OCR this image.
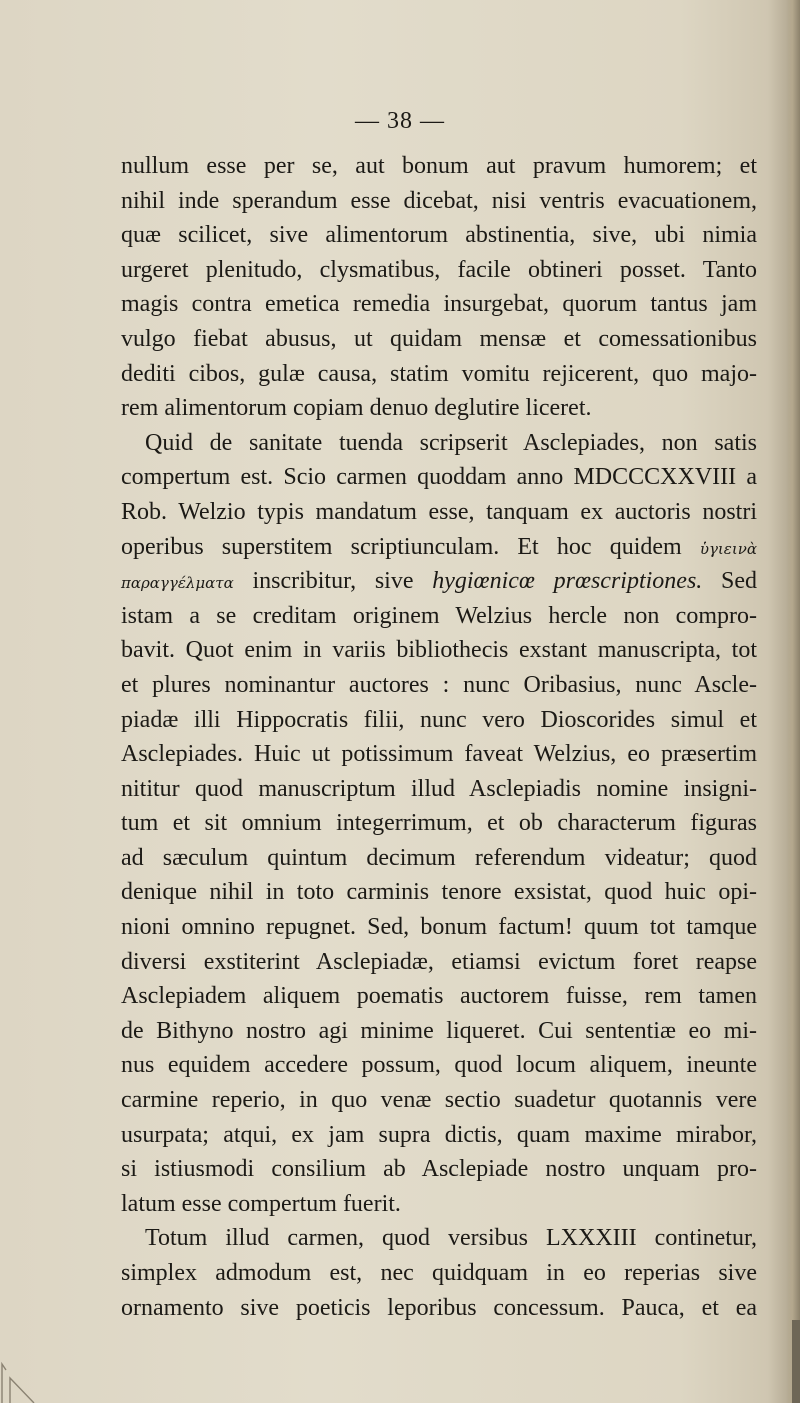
— 38 —
nullum esse per se, aut bonum aut pravum humorem; et
nihil inde sperandum esse dicebat, nisi ventris evacuationem,
quæ scilicet, sive alimentorum abstinentia, sive, ubi nimia
urgeret plenitudo, clysmatibus, facile obtineri posset. Tanto
magis contra emetica remedia insurgebat, quorum tantus jam
vulgo fiebat abusus, ut quidam mensæ et comessationibus
dediti cibos, gulæ causa, statim vomitu rejicerent, quo majo-
rem alimentorum copiam denuo deglutire liceret.
Quid de sanitate tuenda scripserit Asclepiades, non satis
compertum est. Scio carmen quoddam anno MDCCCXXVIII a
Rob. Welzio typis mandatum esse, tanquam ex auctoris nostri
operibus superstitem scriptiunculam. Et hoc quidem ὑγιεινὰ
παραγγέλματα inscribitur, sive hygiœnicœ prœscriptiones. Sed
istam a se creditam originem Welzius hercle non compro-
bavit. Quot enim in variis bibliothecis exstant manuscripta, tot
et plures nominantur auctores : nunc Oribasius, nunc Ascle-
piadæ illi Hippocratis filii, nunc vero Dioscorides simul et
Asclepiades. Huic ut potissimum faveat Welzius, eo præsertim
nititur quod manuscriptum illud Asclepiadis nomine insigni-
tum et sit omnium integerrimum, et ob characterum figuras
ad sæculum quintum decimum referendum videatur; quod
denique nihil in toto carminis tenore exsistat, quod huic opi-
nioni omnino repugnet. Sed, bonum factum! quum tot tamque
diversi exstiterint Asclepiadæ, etiamsi evictum foret reapse
Asclepiadem aliquem poematis auctorem fuisse, rem tamen
de Bithyno nostro agi minime liqueret. Cui sententiæ eo mi-
nus equidem accedere possum, quod locum aliquem, ineunte
carmine reperio, in quo venæ sectio suadetur quotannis vere
usurpata; atqui, ex jam supra dictis, quam maxime mirabor,
si istiusmodi consilium ab Asclepiade nostro unquam pro-
latum esse compertum fuerit.
Totum illud carmen, quod versibus LXXXIII continetur,
simplex admodum est, nec quidquam in eo reperias sive
ornamento sive poeticis leporibus concessum. Pauca, et ea
